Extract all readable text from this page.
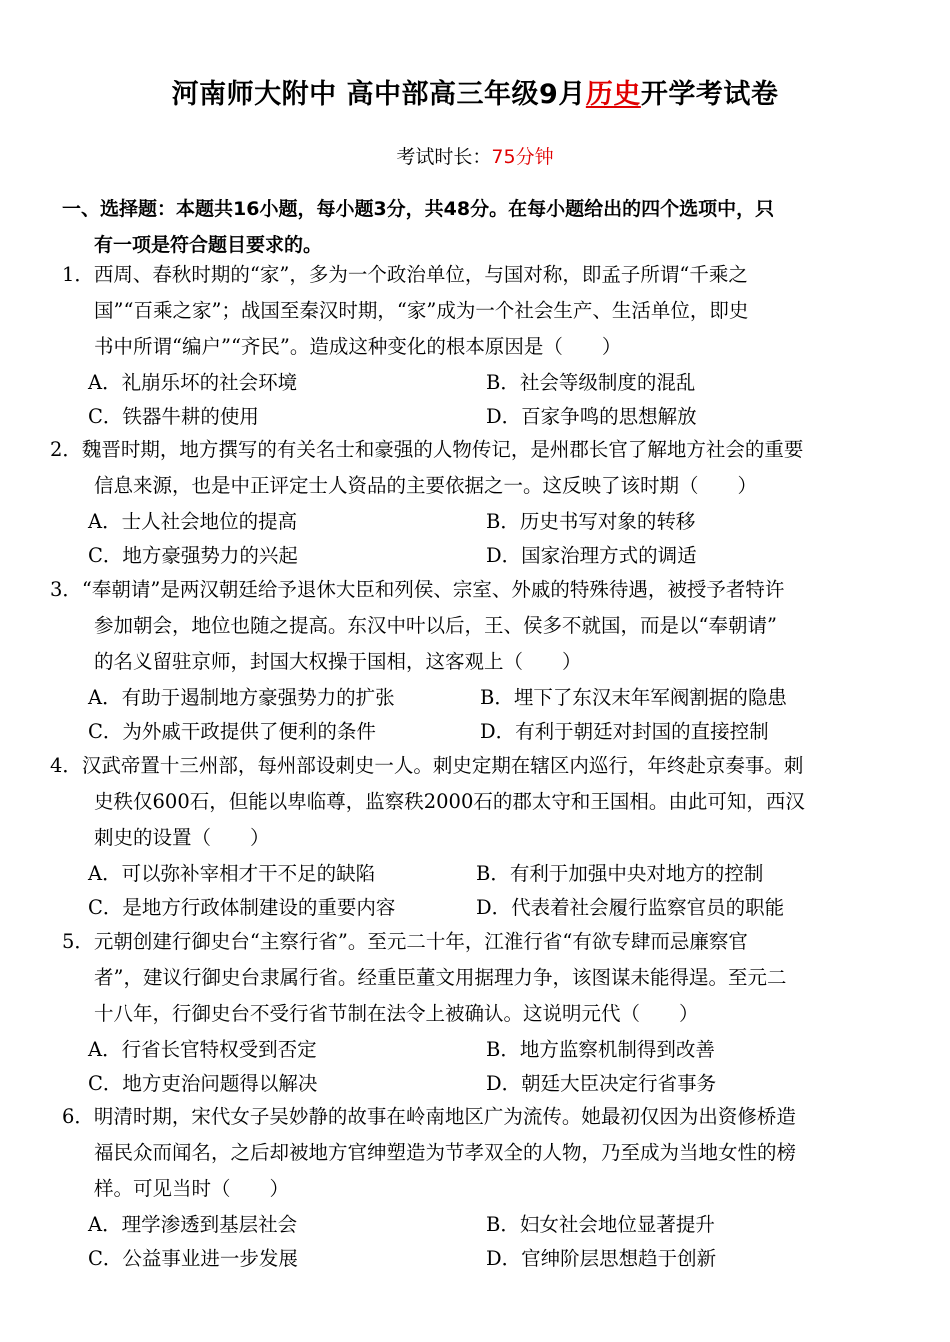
河南师大附中 高中部高三年级9月历史开学考试卷
考试时长：75分钟
一、选择题：本题共16小题，每小题3分，共48分。在每小题给出的四个选项中，只
有一项是符合题目要求的。
1．西周、春秋时期的“家”，多为一个政治单位，与国对称，即孟子所谓“千乘之
国”“百乘之家”；战国至秦汉时期，“家”成为一个社会生产、生活单位，即史
书中所谓“编户”“齐民”。造成这种变化的根本原因是（　　）
A．礼崩乐坏的社会环境	B．社会等级制度的混乱
C．铁器牛耕的使用	D．百家争鸣的思想解放
2．魏晋时期，地方撰写的有关名士和豪强的人物传记，是州郡长官了解地方社会的重要
信息来源，也是中正评定士人资品的主要依据之一。这反映了该时期（　　）
A．士人社会地位的提高	B．历史书写对象的转移
C．地方豪强势力的兴起	D．国家治理方式的调适
3．“奉朝请”是两汉朝廷给予退休大臣和列侯、宗室、外戚的特殊待遇，被授予者特许
参加朝会，地位也随之提高。东汉中叶以后，王、侯多不就国，而是以“奉朝请”
的名义留驻京师，封国大权操于国相，这客观上（　　）
A．有助于遏制地方豪强势力的扩张	B．埋下了东汉末年军阀割据的隐患
C．为外戚干政提供了便利的条件	D．有利于朝廷对封国的直接控制
4．汉武帝置十三州部，每州部设刺史一人。刺史定期在辖区内巡行，年终赴京奏事。刺
史秩仅600石，但能以卑临尊，监察秩2000石的郡太守和王国相。由此可知，西汉
刺史的设置（　　）
A．可以弥补宰相才干不足的缺陷	B．有利于加强中央对地方的控制
C．是地方行政体制建设的重要内容	D．代表着社会履行监察官员的职能
5．元朝创建行御史台“主察行省”。至元二十年，江淮行省“有欲专肆而忌廉察官
者”，建议行御史台隶属行省。经重臣董文用据理力争，该图谋未能得逞。至元二
十八年，行御史台不受行省节制在法令上被确认。这说明元代（　　）
A．行省长官特权受到否定	B．地方监察机制得到改善
C．地方吏治问题得以解决	D．朝廷大臣决定行省事务
6．明清时期，宋代女子吴妙静的故事在岭南地区广为流传。她最初仅因为出资修桥造
福民众而闻名，之后却被地方官绅塑造为节孝双全的人物，乃至成为当地女性的榜
样。可见当时（　　）
A．理学渗透到基层社会	B．妇女社会地位显著提升
C．公益事业进一步发展	D．官绅阶层思想趋于创新
